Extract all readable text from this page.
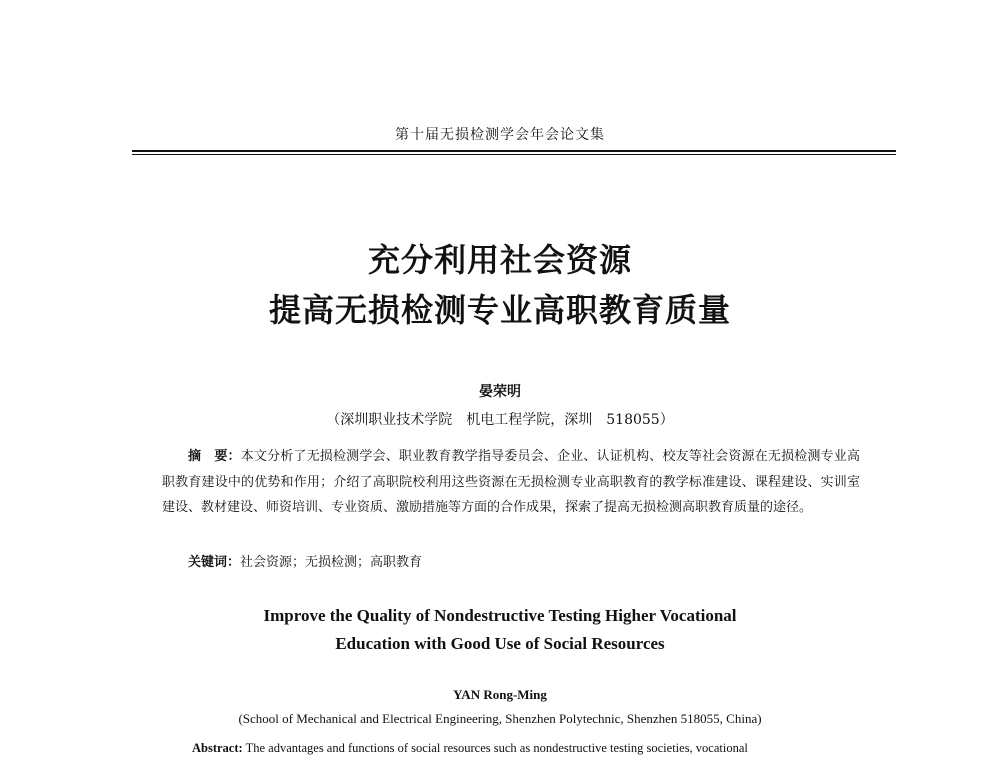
第十届无损检测学会年会论文集
充分利用社会资源
提高无损检测专业高职教育质量
晏荣明
（深圳职业技术学院　机电工程学院，深圳　518055）
摘　要：本文分析了无损检测学会、职业教育教学指导委员会、企业、认证机构、校友等社会资源在无损检测专业高职教育建设中的优势和作用；介绍了高职院校利用这些资源在无损检测专业高职教育的教学标准建设、课程建设、实训室建设、教材建设、师资培训、专业资质、激励措施等方面的合作成果，探索了提高无损检测高职教育质量的途径。
关键词：社会资源；无损检测；高职教育
Improve the Quality of Nondestructive Testing Higher Vocational
Education with Good Use of Social Resources
YAN Rong-Ming
(School of Mechanical and Electrical Engineering, Shenzhen Polytechnic, Shenzhen 518055, China)
Abstract: The advantages and functions of social resources such as nondestructive testing societies, vocational
